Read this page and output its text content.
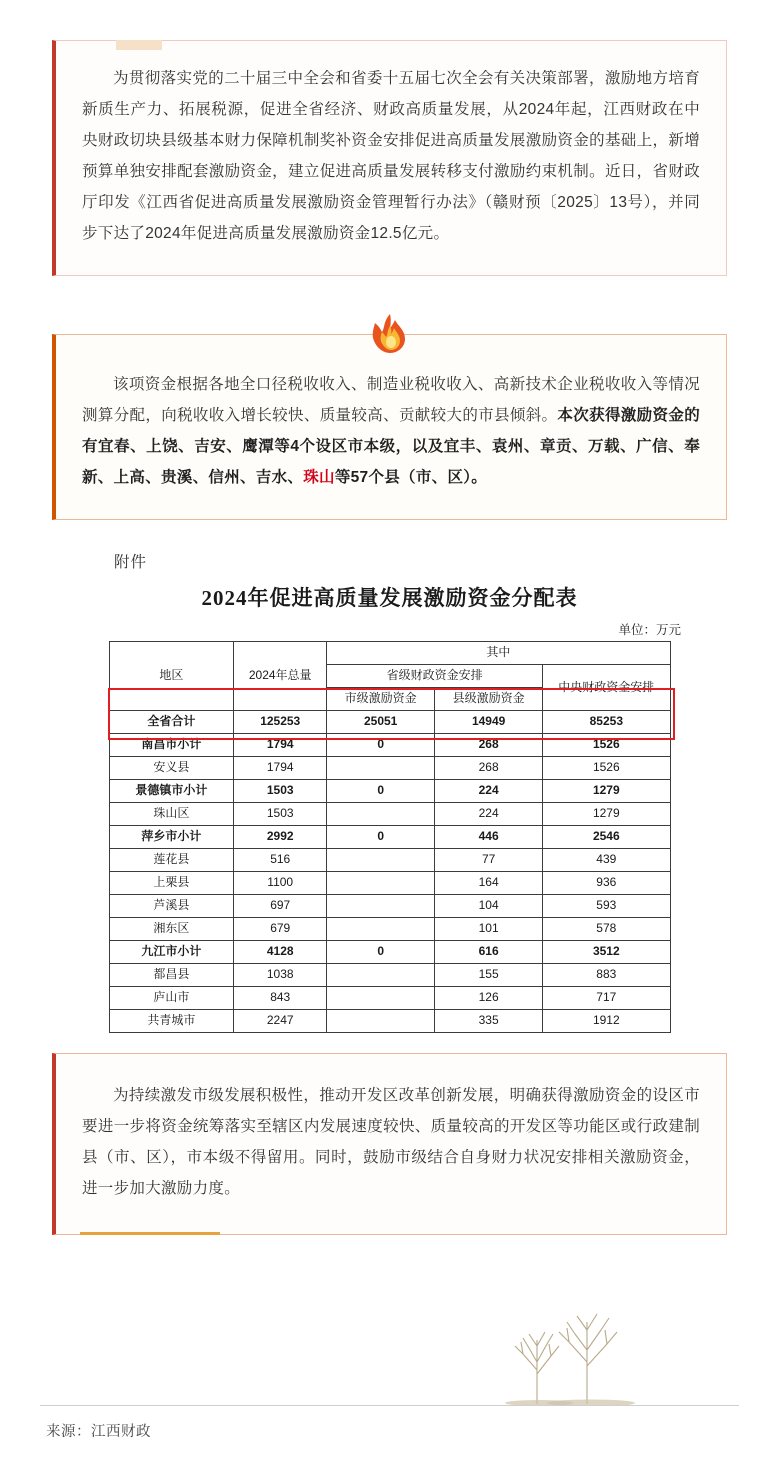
为贯彻落实党的二十届三中全会和省委十五届七次全会有关决策部署，激励地方培育新质生产力、拓展税源，促进全省经济、财政高质量发展，从2024年起，江西财政在中央财政切块县级基本财力保障机制奖补资金安排促进高质量发展激励资金的基础上，新增预算单独安排配套激励资金，建立促进高质量发展转移支付激励约束机制。近日，省财政厅印发《江西省促进高质量发展激励资金管理暂行办法》（赣财预〔2025〕13号），并同步下达了2024年促进高质量发展激励资金12.5亿元。

该项资金根据各地全口径税收收入、制造业税收收入、高新技术企业税收收入等情况测算分配，向税收收入增长较快、质量较高、贡献较大的市县倾斜。本次获得激励资金的有宜春、上饶、吉安、鹰潭等4个设区市本级，以及宜丰、袁州、章贡、万载、广信、奉新、上高、贵溪、信州、吉水、珠山等57个县（市、区）。

附件
2024年促进高质量发展激励资金分配表
单位：万元
地区	2024年总量	其中		
		省级财政资金安排		中央财政资金安排
		市级激励资金	县级激励资金	
全省合计	125253	25051	14949	85253
南昌市小计	1794	0	268	1526
安义县	1794		268	1526
景德镇市小计	1503	0	224	1279
珠山区	1503		224	1279
萍乡市小计	2992	0	446	2546
莲花县	516		77	439
上栗县	1100		164	936
芦溪县	697		104	593
湘东区	679		101	578
九江市小计	4128	0	616	3512
都昌县	1038		155	883
庐山市	843		126	717
共青城市	2247		335	1912

为持续激发市级发展积极性，推动开发区改革创新发展，明确获得激励资金的设区市要进一步将资金统筹落实至辖区内发展速度较快、质量较高的开发区等功能区或行政建制县（市、区），市本级不得留用。同时，鼓励市级结合自身财力状况安排相关激励资金，进一步加大激励力度。

来源：江西财政
